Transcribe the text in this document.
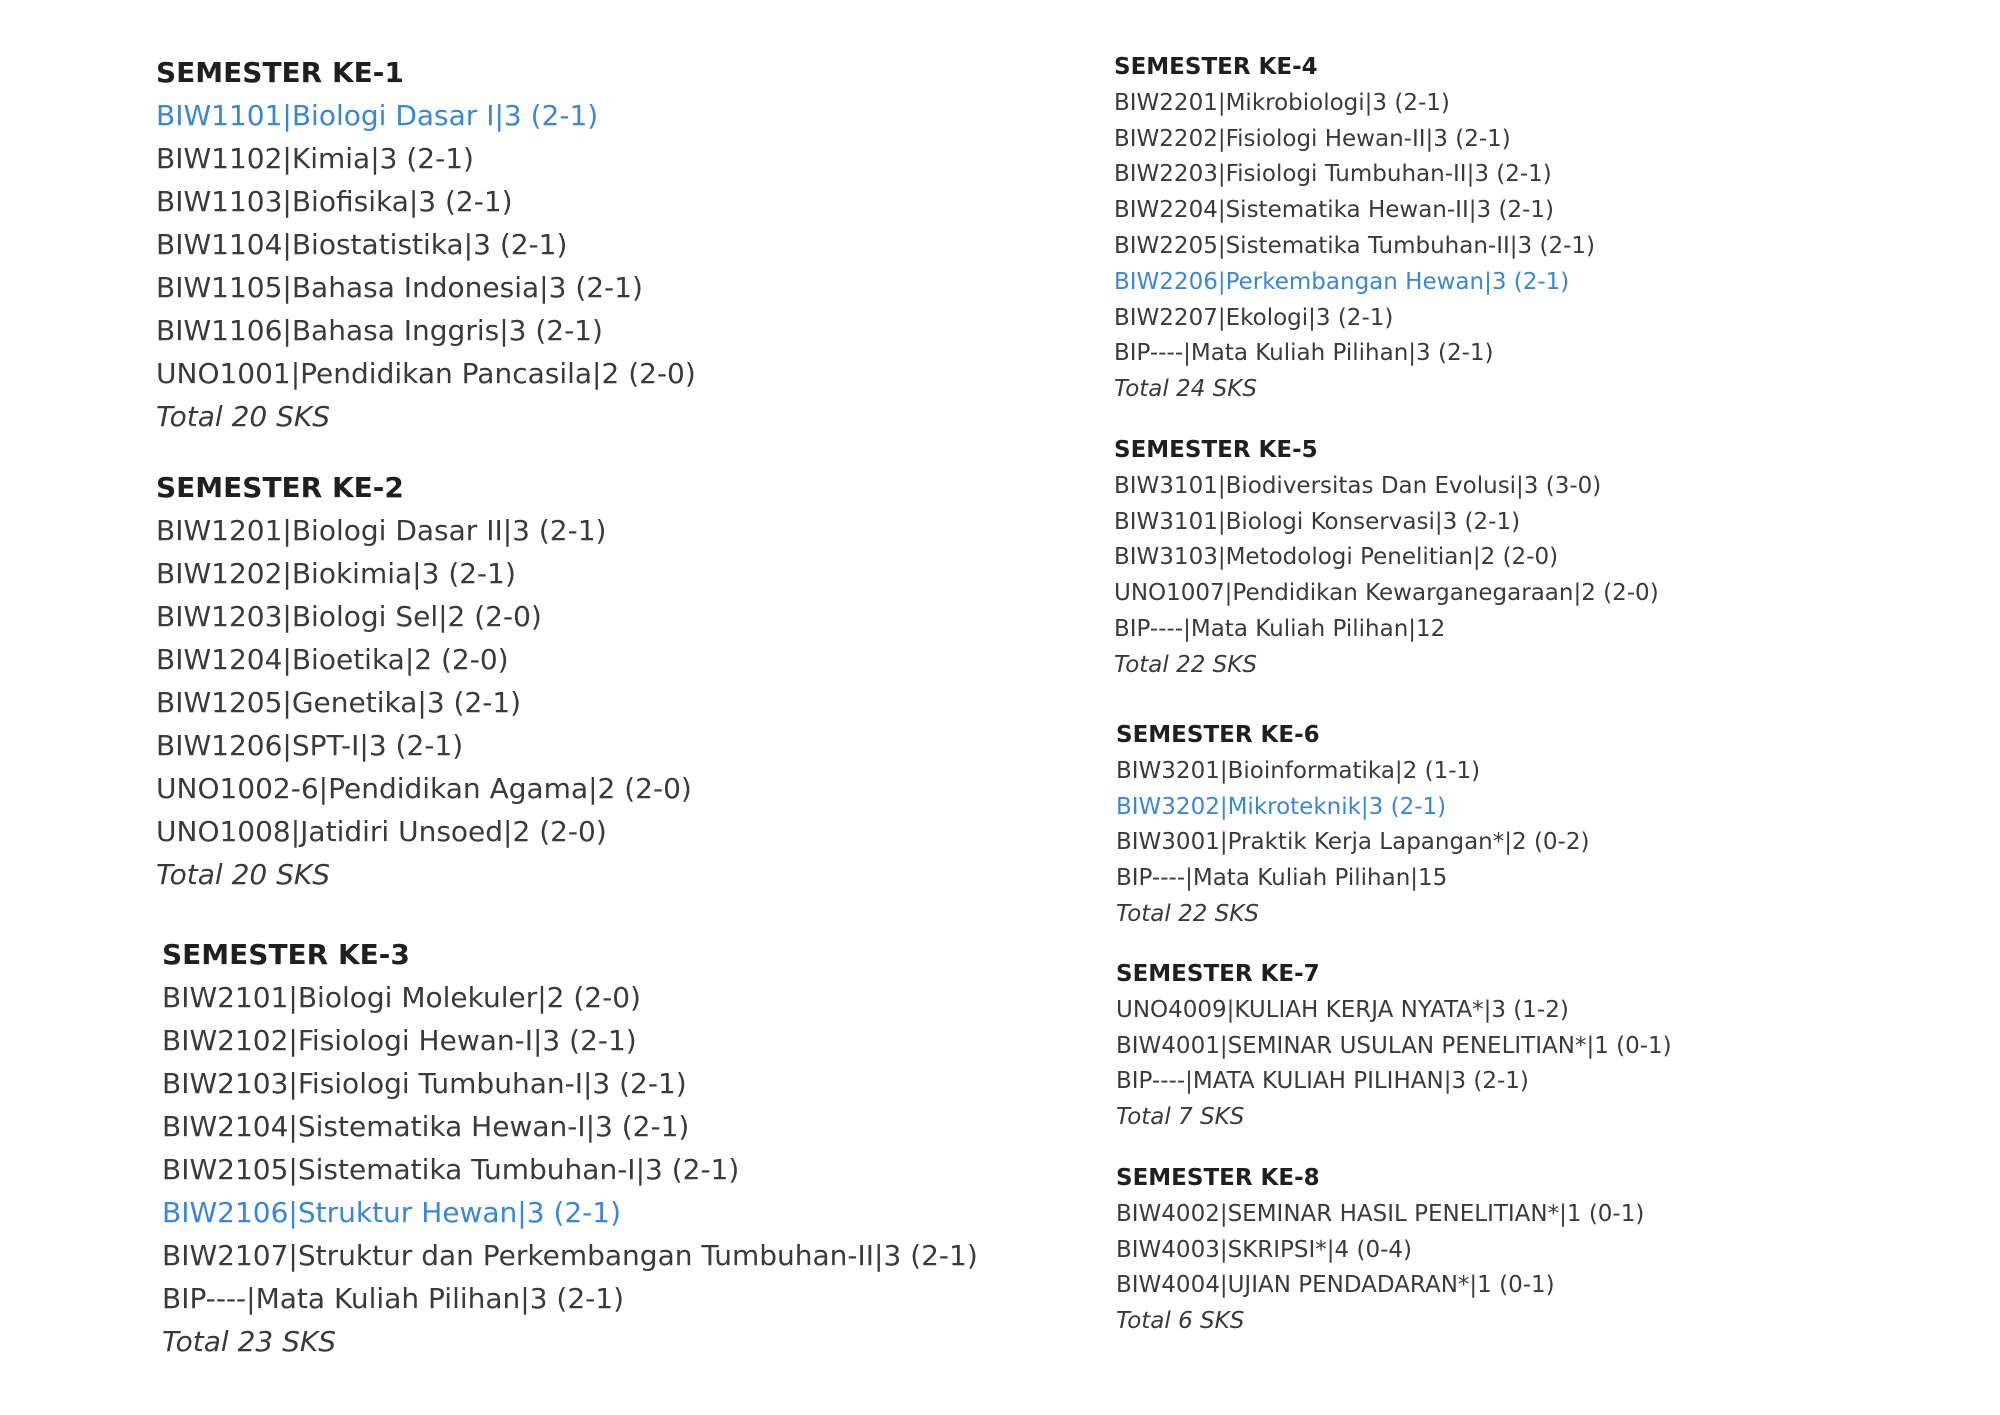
SEMESTER KE-1
BIW1101|Biologi Dasar I|3 (2-1)
BIW1102|Kimia|3 (2-1)
BIW1103|Biofisika|3 (2-1)
BIW1104|Biostatistika|3 (2-1)
BIW1105|Bahasa Indonesia|3 (2-1)
BIW1106|Bahasa Inggris|3 (2-1)
UNO1001|Pendidikan Pancasila|2 (2-0)
Total 20 SKS
SEMESTER KE-2
BIW1201|Biologi Dasar II|3 (2-1)
BIW1202|Biokimia|3 (2-1)
BIW1203|Biologi Sel|2 (2-0)
BIW1204|Bioetika|2 (2-0)
BIW1205|Genetika|3 (2-1)
BIW1206|SPT-I|3 (2-1)
UNO1002-6|Pendidikan Agama|2 (2-0)
UNO1008|Jatidiri Unsoed|2 (2-0)
Total 20 SKS
SEMESTER KE-3
BIW2101|Biologi Molekuler|2 (2-0)
BIW2102|Fisiologi Hewan-I|3 (2-1)
BIW2103|Fisiologi Tumbuhan-I|3 (2-1)
BIW2104|Sistematika Hewan-I|3 (2-1)
BIW2105|Sistematika Tumbuhan-I|3 (2-1)
BIW2106|Struktur Hewan|3 (2-1)
BIW2107|Struktur dan Perkembangan Tumbuhan-II|3 (2-1)
BIP----|Mata Kuliah Pilihan|3 (2-1)
Total 23 SKS
SEMESTER KE-4
BIW2201|Mikrobiologi|3 (2-1)
BIW2202|Fisiologi Hewan-II|3 (2-1)
BIW2203|Fisiologi Tumbuhan-II|3 (2-1)
BIW2204|Sistematika Hewan-II|3 (2-1)
BIW2205|Sistematika Tumbuhan-II|3 (2-1)
BIW2206|Perkembangan Hewan|3 (2-1)
BIW2207|Ekologi|3 (2-1)
BIP----|Mata Kuliah Pilihan|3 (2-1)
Total 24 SKS
SEMESTER KE-5
BIW3101|Biodiversitas Dan Evolusi|3 (3-0)
BIW3101|Biologi Konservasi|3 (2-1)
BIW3103|Metodologi Penelitian|2 (2-0)
UNO1007|Pendidikan Kewarganegaraan|2 (2-0)
BIP----|Mata Kuliah Pilihan|12
Total 22 SKS
SEMESTER KE-6
BIW3201|Bioinformatika|2 (1-1)
BIW3202|Mikroteknik|3 (2-1)
BIW3001|Praktik Kerja Lapangan*|2 (0-2)
BIP----|Mata Kuliah Pilihan|15
Total 22 SKS
SEMESTER KE-7
UNO4009|KULIAH KERJA NYATA*|3 (1-2)
BIW4001|SEMINAR USULAN PENELITIAN*|1 (0-1)
BIP----|MATA KULIAH PILIHAN|3 (2-1)
Total 7 SKS
SEMESTER KE-8
BIW4002|SEMINAR HASIL PENELITIAN*|1 (0-1)
BIW4003|SKRIPSI*|4 (0-4)
BIW4004|UJIAN PENDADARAN*|1 (0-1)
Total 6 SKS
